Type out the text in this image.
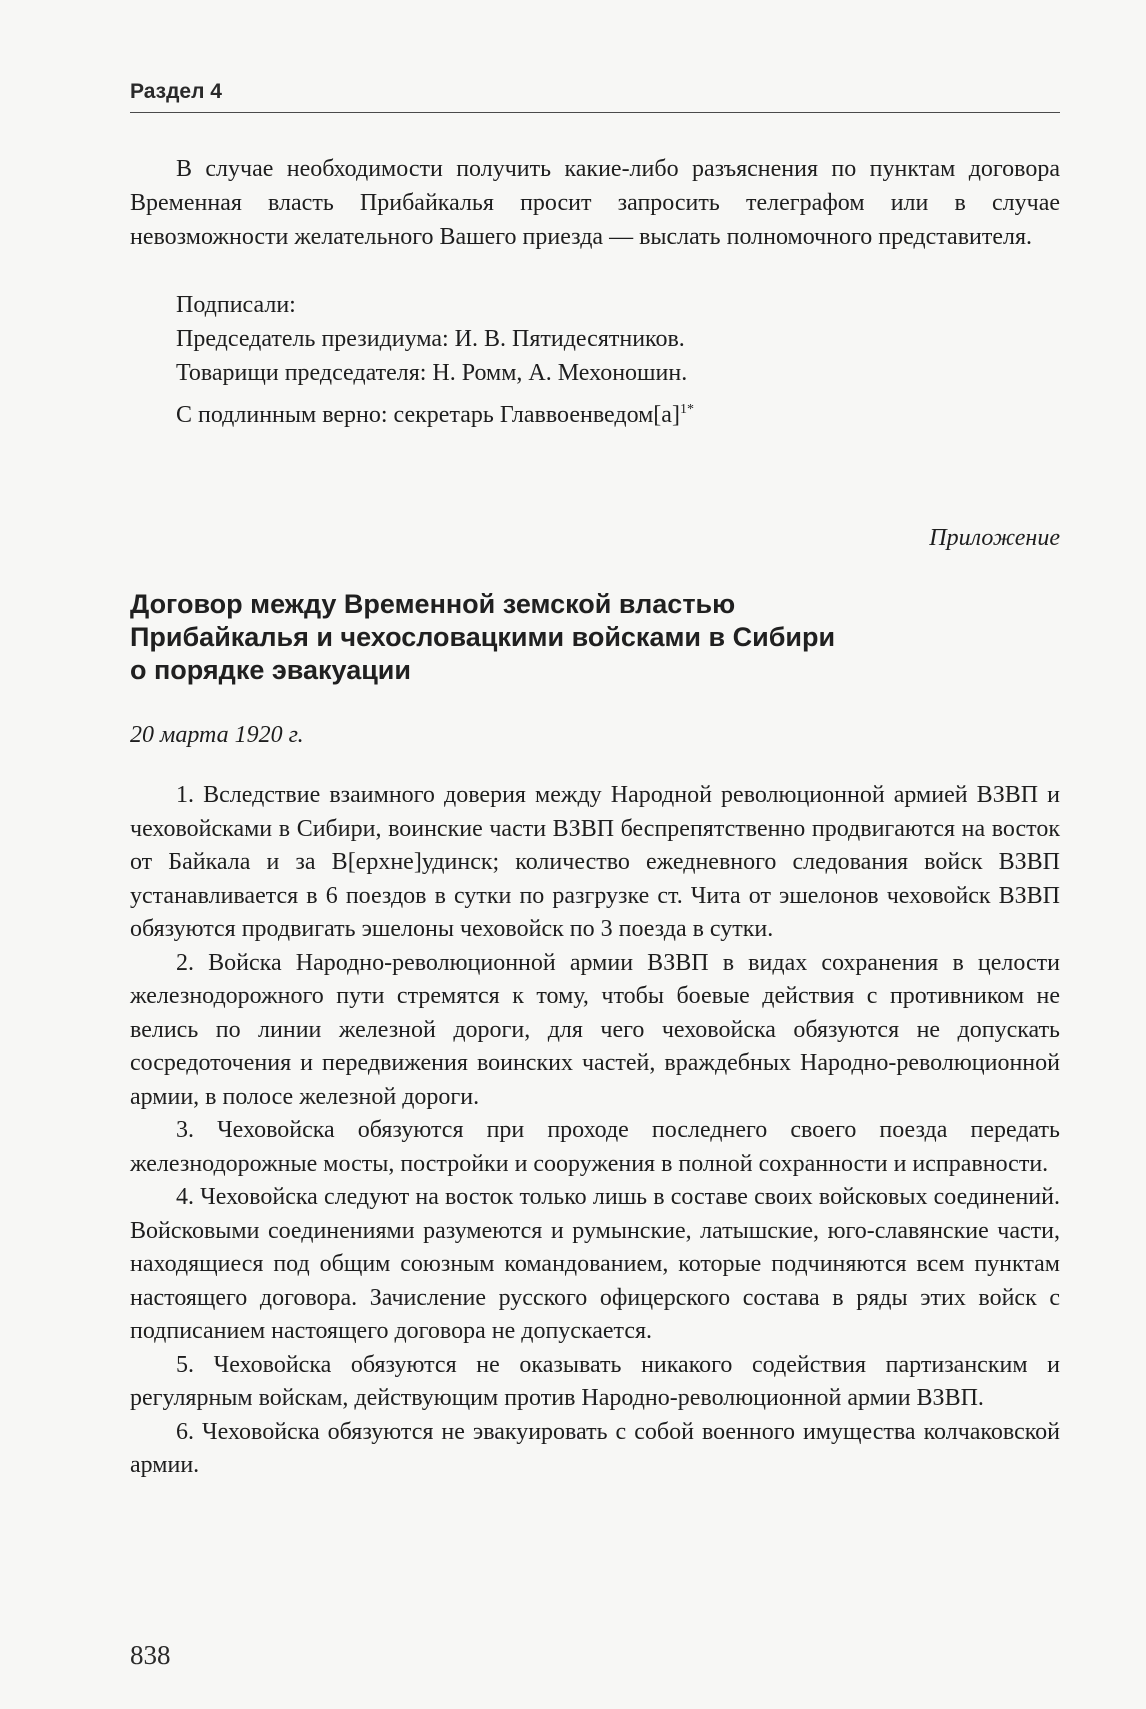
Раздел 4

В случае необходимости получить какие-либо разъяснения по пунктам договора Временная власть Прибайкалья просит запросить телеграфом или в случае невозможности желательного Вашего приезда — выслать полномочного представителя.

Подписали:

Председатель президиума: И. В. Пятидесятников.

Товарищи председателя: Н. Ромм, А. Мехоношин.

С подлинным верно: секретарь $Главвоенведом[а]^{1*}$

Приложение

Договор между Временной земской властью
Прибайкалья и чехословацкими войсками в Сибири
о порядке эвакуации

20 марта 1920 г.

1. Вследствие взаимного доверия между Народной революционной армией ВЗВП и чеховойсками в Сибири, воинские части ВЗВП беспрепятственно продвигаются на восток от Байкала и за В[ерхне]удинск; количество ежедневного следования войск ВЗВП устанавливается в 6 поездов в сутки по разгрузке ст. Чита от эшелонов чеховойск ВЗВП обязуются продвигать эшелоны чеховойск по 3 поезда в сутки.

2. Войска Народно-революционной армии ВЗВП в видах сохранения в целости железнодорожного пути стремятся к тому, чтобы боевые действия с противником не велись по линии железной дороги, для чего чеховойска обязуются не допускать сосредоточения и передвижения воинских частей, враждебных Народно-революционной армии, в полосе железной дороги.

3. Чеховойска обязуются при проходе последнего своего поезда передать железнодорожные мосты, постройки и сооружения в полной сохранности и исправности.

4. Чеховойска следуют на восток только лишь в составе своих войсковых соединений. Войсковыми соединениями разумеются и румынские, латышские, юго-славянские части, находящиеся под общим союзным командованием, которые подчиняются всем пунктам настоящего договора. Зачисление русского офицерского состава в ряды этих войск с подписанием настоящего договора не допускается.

5. Чеховойска обязуются не оказывать никакого содействия партизанским и регулярным войскам, действующим против Народно-революционной армии ВЗВП.

6. Чеховойска обязуются не эвакуировать с собой военного имущества колчаковской армии.

838
